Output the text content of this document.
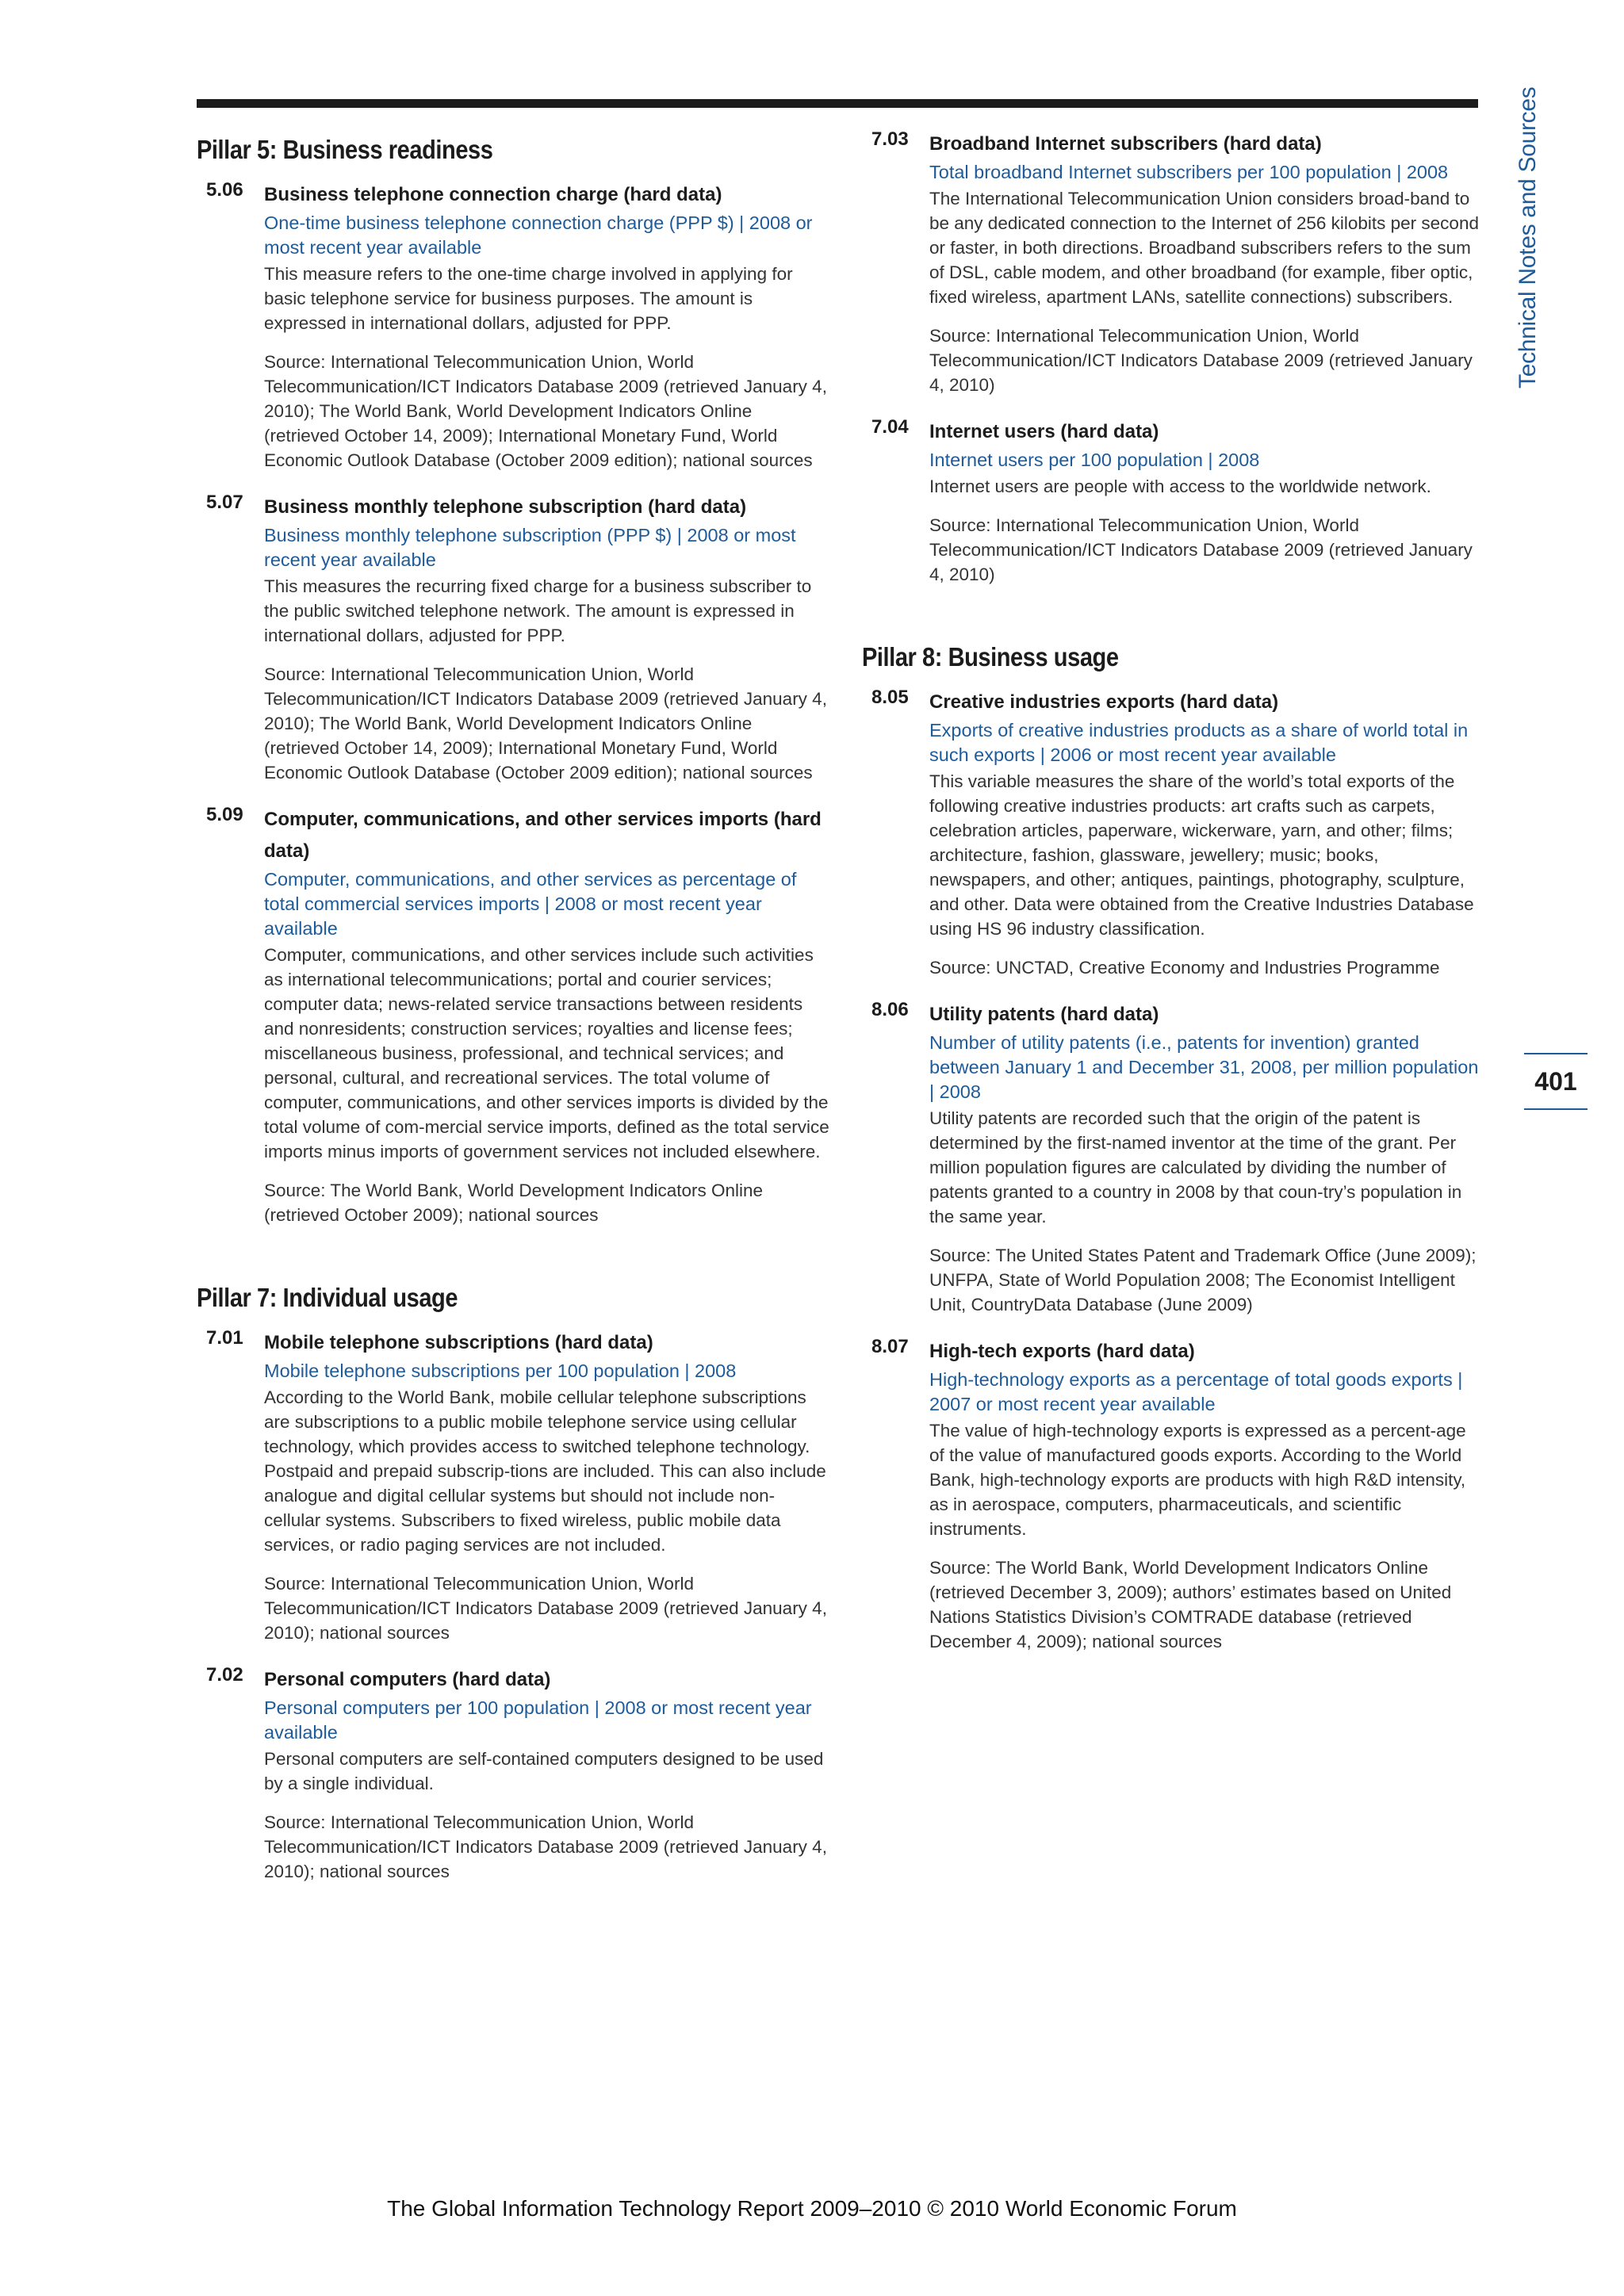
Technical Notes and Sources
401
Pillar 5: Business readiness
5.06 Business telephone connection charge (hard data)
One-time business telephone connection charge (PPP $) | 2008 or most recent year available

This measure refers to the one-time charge involved in applying for basic telephone service for business purposes. The amount is expressed in international dollars, adjusted for PPP.

Source: International Telecommunication Union, World Telecommunication/ICT Indicators Database 2009 (retrieved January 4, 2010); The World Bank, World Development Indicators Online (retrieved October 14, 2009); International Monetary Fund, World Economic Outlook Database (October 2009 edition); national sources

5.07 Business monthly telephone subscription (hard data)
Business monthly telephone subscription (PPP $) | 2008 or most recent year available

This measures the recurring fixed charge for a business subscriber to the public switched telephone network. The amount is expressed in international dollars, adjusted for PPP.

Source: International Telecommunication Union, World Telecommunication/ICT Indicators Database 2009 (retrieved January 4, 2010); The World Bank, World Development Indicators Online (retrieved October 14, 2009); International Monetary Fund, World Economic Outlook Database (October 2009 edition); national sources

5.09 Computer, communications, and other services imports (hard data)
Computer, communications, and other services as percentage of total commercial services imports | 2008 or most recent year available

Computer, communications, and other services include such activities as international telecommunications; portal and courier services; computer data; news-related service transactions between residents and nonresidents; construction services; royalties and license fees; miscellaneous business, professional, and technical services; and personal, cultural, and recreational services. The total volume of computer, communications, and other services imports is divided by the total volume of com-mercial service imports, defined as the total service imports minus imports of government services not included elsewhere.

Source: The World Bank, World Development Indicators Online (retrieved October 2009); national sources

Pillar 7: Individual usage
7.01 Mobile telephone subscriptions (hard data)
Mobile telephone subscriptions per 100 population | 2008

According to the World Bank, mobile cellular telephone subscriptions are subscriptions to a public mobile telephone service using cellular technology, which provides access to switched telephone technology. Postpaid and prepaid subscrip-tions are included. This can also include analogue and digital cellular systems but should not include non-cellular systems. Subscribers to fixed wireless, public mobile data services, or radio paging services are not included.

Source: International Telecommunication Union, World Telecommunication/ICT Indicators Database 2009 (retrieved January 4, 2010); national sources

7.02 Personal computers (hard data)
Personal computers per 100 population | 2008 or most recent year available

Personal computers are self-contained computers designed to be used by a single individual.

Source: International Telecommunication Union, World Telecommunication/ICT Indicators Database 2009 (retrieved January 4, 2010); national sources

7.03 Broadband Internet subscribers (hard data)
Total broadband Internet subscribers per 100 population | 2008

The International Telecommunication Union considers broad-band to be any dedicated connection to the Internet of 256 kilobits per second or faster, in both directions. Broadband subscribers refers to the sum of DSL, cable modem, and other broadband (for example, fiber optic, fixed wireless, apartment LANs, satellite connections) subscribers.

Source: International Telecommunication Union, World Telecommunication/ICT Indicators Database 2009 (retrieved January 4, 2010)

7.04 Internet users (hard data)
Internet users per 100 population | 2008

Internet users are people with access to the worldwide network.

Source: International Telecommunication Union, World Telecommunication/ICT Indicators Database 2009 (retrieved January 4, 2010)

Pillar 8: Business usage
8.05 Creative industries exports (hard data)
Exports of creative industries products as a share of world total in such exports | 2006 or most recent year available

This variable measures the share of the world’s total exports of the following creative industries products: art crafts such as carpets, celebration articles, paperware, wickerware, yarn, and other; films; architecture, fashion, glassware, jewellery; music; books, newspapers, and other; antiques, paintings, photography, sculpture, and other. Data were obtained from the Creative Industries Database using HS 96 industry classification.

Source: UNCTAD, Creative Economy and Industries Programme

8.06 Utility patents (hard data)
Number of utility patents (i.e., patents for invention) granted between January 1 and December 31, 2008, per million population | 2008

Utility patents are recorded such that the origin of the patent is determined by the first-named inventor at the time of the grant. Per million population figures are calculated by dividing the number of patents granted to a country in 2008 by that coun-try’s population in the same year.

Source: The United States Patent and Trademark Office (June 2009); UNFPA, State of World Population 2008; The Economist Intelligent Unit, CountryData Database (June 2009)

8.07 High-tech exports (hard data)
High-technology exports as a percentage of total goods exports | 2007 or most recent year available

The value of high-technology exports is expressed as a percent-age of the value of manufactured goods exports. According to the World Bank, high-technology exports are products with high R&D intensity, as in aerospace, computers, pharmaceuticals, and scientific instruments.

Source: The World Bank, World Development Indicators Online (retrieved December 3, 2009); authors’ estimates based on United Nations Statistics Division’s COMTRADE database (retrieved December 4, 2009); national sources

The Global Information Technology Report 2009–2010 © 2010 World Economic Forum
